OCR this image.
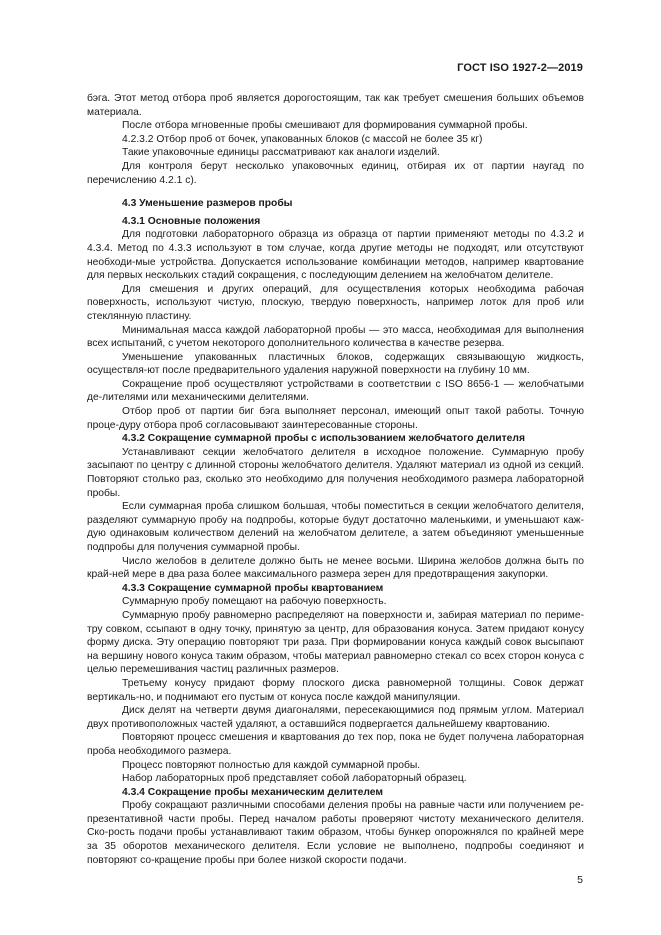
ГОСТ ISO 1927-2—2019

бэга. Этот метод отбора проб является дорогостоящим, так как требует смешения больших объемов материала.

После отбора мгновенные пробы смешивают для формирования суммарной пробы.

4.2.3.2 Отбор проб от бочек, упакованных блоков (с массой не более 35 кг)

Такие упаковочные единицы рассматривают как аналоги изделий.

Для контроля берут несколько упаковочных единиц, отбирая их от партии наугад по перечислению 4.2.1 c).

4.3 Уменьшение размеров пробы

4.3.1 Основные положения

Для подготовки лабораторного образца из образца от партии применяют методы по 4.3.2 и 4.3.4. Метод по 4.3.3 используют в том случае, когда другие методы не подходят, или отсутствуют необходи-мые устройства. Допускается использование комбинации методов, например квартование для первых нескольких стадий сокращения, с последующим делением на желобчатом делителе.

Для смешения и других операций, для осуществления которых необходима рабочая поверхность, используют чистую, плоскую, твердую поверхность, например лоток для проб или стеклянную пластину.

Минимальная масса каждой лабораторной пробы — это масса, необходимая для выполнения всех испытаний, с учетом некоторого дополнительного количества в качестве резерва.

Уменьшение упакованных пластичных блоков, содержащих связывающую жидкость, осуществля-ют после предварительного удаления наружной поверхности на глубину 10 мм.

Сокращение проб осуществляют устройствами в соответствии с ISO 8656-1 — желобчатыми де-лителями или механическими делителями.

Отбор проб от партии биг бэга выполняет персонал, имеющий опыт такой работы. Точную проце-дуру отбора проб согласовывают заинтересованные стороны.

4.3.2 Сокращение суммарной пробы с использованием желобчатого делителя

Устанавливают секции желобчатого делителя в исходное положение. Суммарную пробу засыпают по центру с длинной стороны желобчатого делителя. Удаляют материал из одной из секций. Повторяют столько раз, сколько это необходимо для получения необходимого размера лабораторной пробы.

Если суммарная проба слишком большая, чтобы поместиться в секции желобчатого делителя, разделяют суммарную пробу на подпробы, которые будут достаточно маленькими, и уменьшают каж-дую одинаковым количеством делений на желобчатом делителе, а затем объединяют уменьшенные подпробы для получения суммарной пробы.

Число желобов в делителе должно быть не менее восьми. Ширина желобов должна быть по край-ней мере в два раза более максимального размера зерен для предотвращения закупорки.

4.3.3 Сокращение суммарной пробы квартованием

Суммарную пробу помещают на рабочую поверхность.

Суммарную пробу равномерно распределяют на поверхности и, забирая материал по периме-тру совком, ссыпают в одну точку, принятую за центр, для образования конуса. Затем придают конусу форму диска. Эту операцию повторяют три раза. При формировании конуса каждый совок высыпают на вершину нового конуса таким образом, чтобы материал равномерно стекал со всех сторон конуса с целью перемешивания частиц различных размеров.

Третьему конусу придают форму плоского диска равномерной толщины. Совок держат вертикаль-но, и поднимают его пустым от конуса после каждой манипуляции.

Диск делят на четверти двумя диагоналями, пересекающимися под прямым углом. Материал двух противоположных частей удаляют, а оставшийся подвергается дальнейшему квартованию.

Повторяют процесс смешения и квартования до тех пор, пока не будет получена лабораторная проба необходимого размера.

Процесс повторяют полностью для каждой суммарной пробы.

Набор лабораторных проб представляет собой лабораторный образец.

4.3.4 Сокращение пробы механическим делителем

Пробу сокращают различными способами деления пробы на равные части или получением ре-презентативной части пробы. Перед началом работы проверяют чистоту механического делителя. Ско-рость подачи пробы устанавливают таким образом, чтобы бункер опорожнялся по крайней мере за 35 оборотов механического делителя. Если условие не выполнено, подпробы соединяют и повторяют со-кращение пробы при более низкой скорости подачи.

5
